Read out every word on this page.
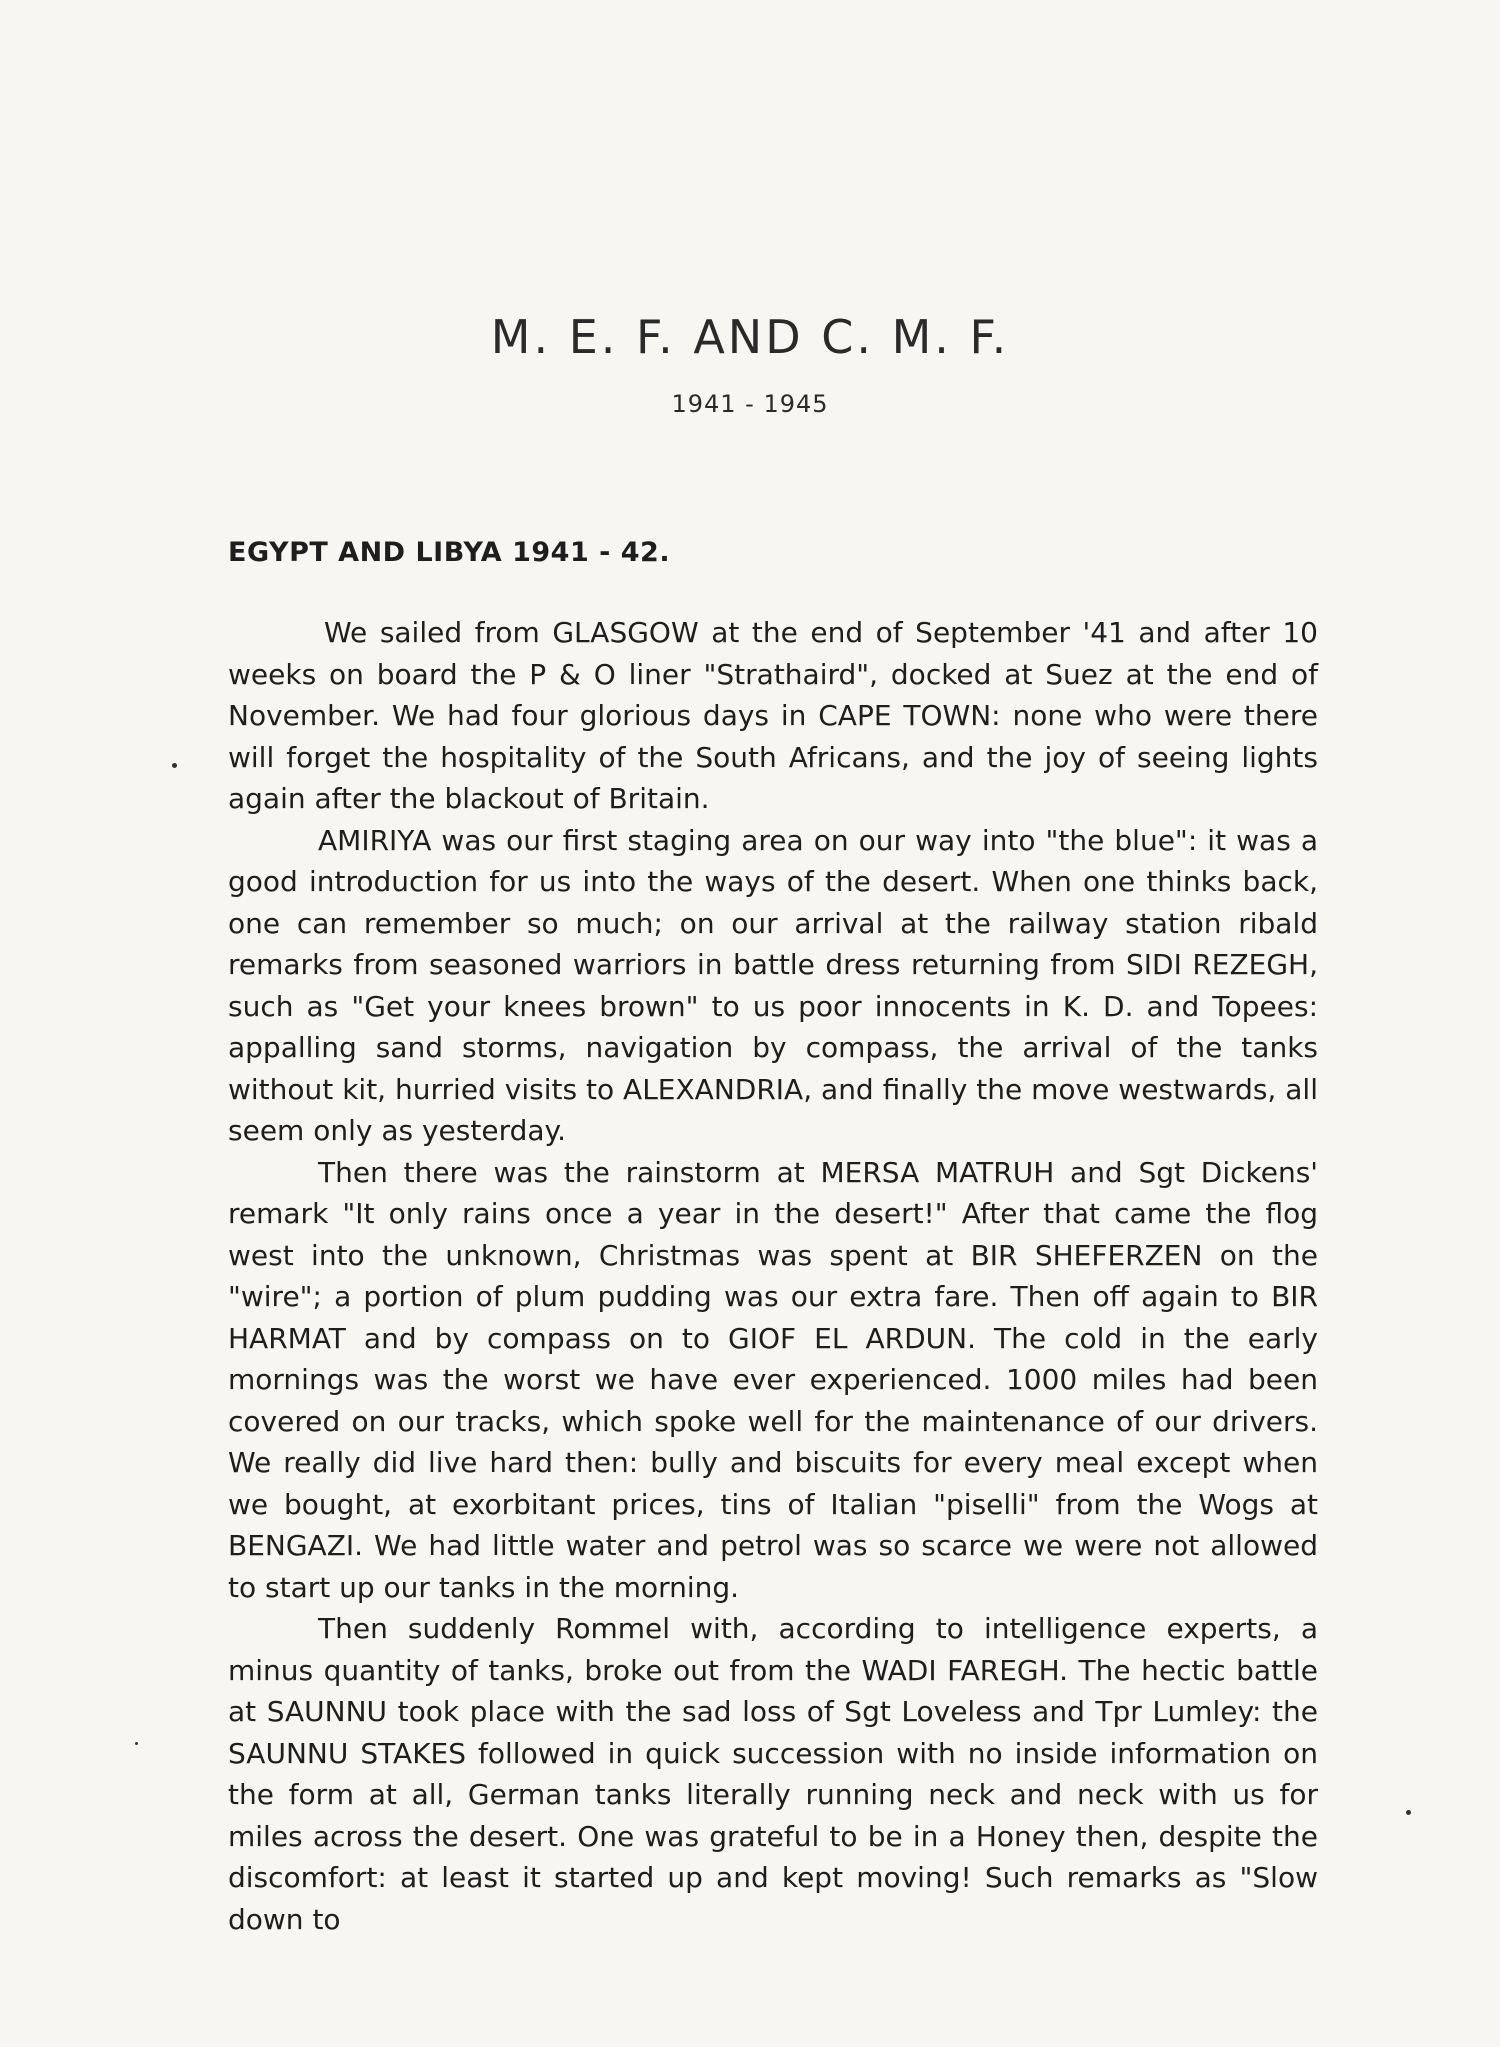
M. E. F. AND C. M. F.
1941 - 1945
EGYPT AND LIBYA 1941 - 42.

We sailed from GLASGOW at the end of September '41 and after 10 weeks on board the P & O liner "Strathaird", docked at Suez at the end of November. We had four glorious days in CAPE TOWN: none who were there will forget the hospitality of the South Africans, and the joy of seeing lights again after the blackout of Britain.

AMIRIYA was our first staging area on our way into "the blue": it was a good introduction for us into the ways of the desert. When one thinks back, one can remember so much; on our arrival at the railway station ribald remarks from seasoned warriors in battle dress returning from SIDI REZEGH, such as "Get your knees brown" to us poor innocents in K. D. and Topees: appalling sand storms, navigation by compass, the arrival of the tanks without kit, hurried visits to ALEXANDRIA, and finally the move westwards, all seem only as yesterday.

Then there was the rainstorm at MERSA MATRUH and Sgt Dickens' remark "It only rains once a year in the desert!" After that came the flog west into the unknown, Christmas was spent at BIR SHEFERZEN on the "wire"; a portion of plum pudding was our extra fare. Then off again to BIR HARMAT and by compass on to GIOF EL ARDUN. The cold in the early mornings was the worst we have ever experienced. 1000 miles had been covered on our tracks, which spoke well for the maintenance of our drivers. We really did live hard then: bully and biscuits for every meal except when we bought, at exorbitant prices, tins of Italian "piselli" from the Wogs at BENGAZI. We had little water and petrol was so scarce we were not allowed to start up our tanks in the morning.

Then suddenly Rommel with, according to intelligence experts, a minus quantity of tanks, broke out from the WADI FAREGH. The hectic battle at SAUNNU took place with the sad loss of Sgt Loveless and Tpr Lumley: the SAUNNU STAKES followed in quick succession with no inside information on the form at all, German tanks literally running neck and neck with us for miles across the desert. One was grateful to be in a Honey then, despite the discomfort: at least it started up and kept moving! Such remarks as "Slow down to
